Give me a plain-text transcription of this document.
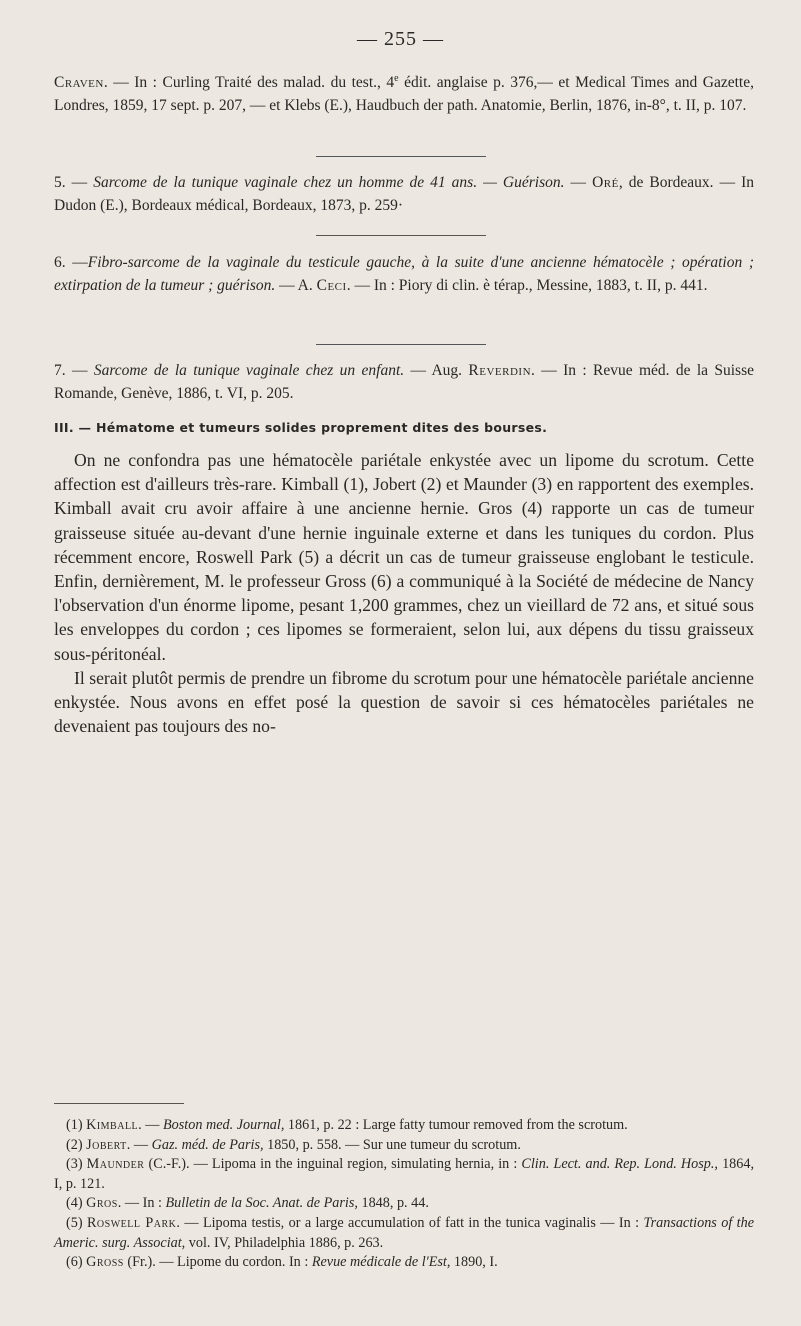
— 255 —
Craven. — In : Curling Traité des malad. du test., 4e édit. anglaise p. 376,— et Medical Times and Gazette, Londres, 1859, 17 sept. p. 207, — et Klebs (E.), Haudbuch der path. Anatomie, Berlin, 1876, in-8°, t. II, p. 107.
5. — Sarcome de la tunique vaginale chez un homme de 41 ans. — Guérison. — Oré, de Bordeaux. — In Dudon (E.), Bordeaux médical, Bordeaux, 1873, p. 259·
6. —Fibro-sarcome de la vaginale du testicule gauche, à la suite d'une ancienne hématocèle ; opération ; extirpation de la tumeur ; guérison. — A. Ceci. — In : Piory di clin. è térap., Messine, 1883, t. II, p. 441.
7. — Sarcome de la tunique vaginale chez un enfant. — Aug. Reverdin. — In : Revue méd. de la Suisse Romande, Genève, 1886, t. VI, p. 205.
III. — Hématome et tumeurs solides proprement dites des bourses.

On ne confondra pas une hématocèle pariétale enkystée avec un lipome du scrotum. Cette affection est d'ailleurs très-rare. Kimball (1), Jobert (2) et Maunder (3) en rapportent des exemples. Kimball avait cru avoir affaire à une ancienne hernie. Gros (4) rapporte un cas de tumeur graisseuse située au-devant d'une hernie inguinale externe et dans les tuniques du cordon. Plus récemment encore, Roswell Park (5) a décrit un cas de tumeur graisseuse englobant le testicule. Enfin, dernièrement, M. le professeur Gross (6) a communiqué à la Société de médecine de Nancy l'observation d'un énorme lipome, pesant 1,200 grammes, chez un vieillard de 72 ans, et situé sous les enveloppes du cordon ; ces lipomes se formeraient, selon lui, aux dépens du tissu graisseux sous-péritonéal.

Il serait plutôt permis de prendre un fibrome du scrotum pour une hématocèle pariétale ancienne enkystée. Nous avons en effet posé la question de savoir si ces hématocèles pariétales ne devenaient pas toujours des no-

(1) Kimball. — Boston med. Journal, 1861, p. 22 : Large fatty tumour removed from the scrotum.

(2) Jobert. — Gaz. méd. de Paris, 1850, p. 558. — Sur une tumeur du scrotum.

(3) Maunder (C.-F.). — Lipoma in the inguinal region, simulating hernia, in : Clin. Lect. and. Rep. Lond. Hosp., 1864, I, p. 121.

(4) Gros. — In : Bulletin de la Soc. Anat. de Paris, 1848, p. 44.

(5) Roswell Park. — Lipoma testis, or a large accumulation of fatt in the tunica vaginalis — In : Transactions of the Americ. surg. Associat, vol. IV, Philadelphia 1886, p. 263.

(6) Gross (Fr.). — Lipome du cordon. In : Revue médicale de l'Est, 1890, I.
